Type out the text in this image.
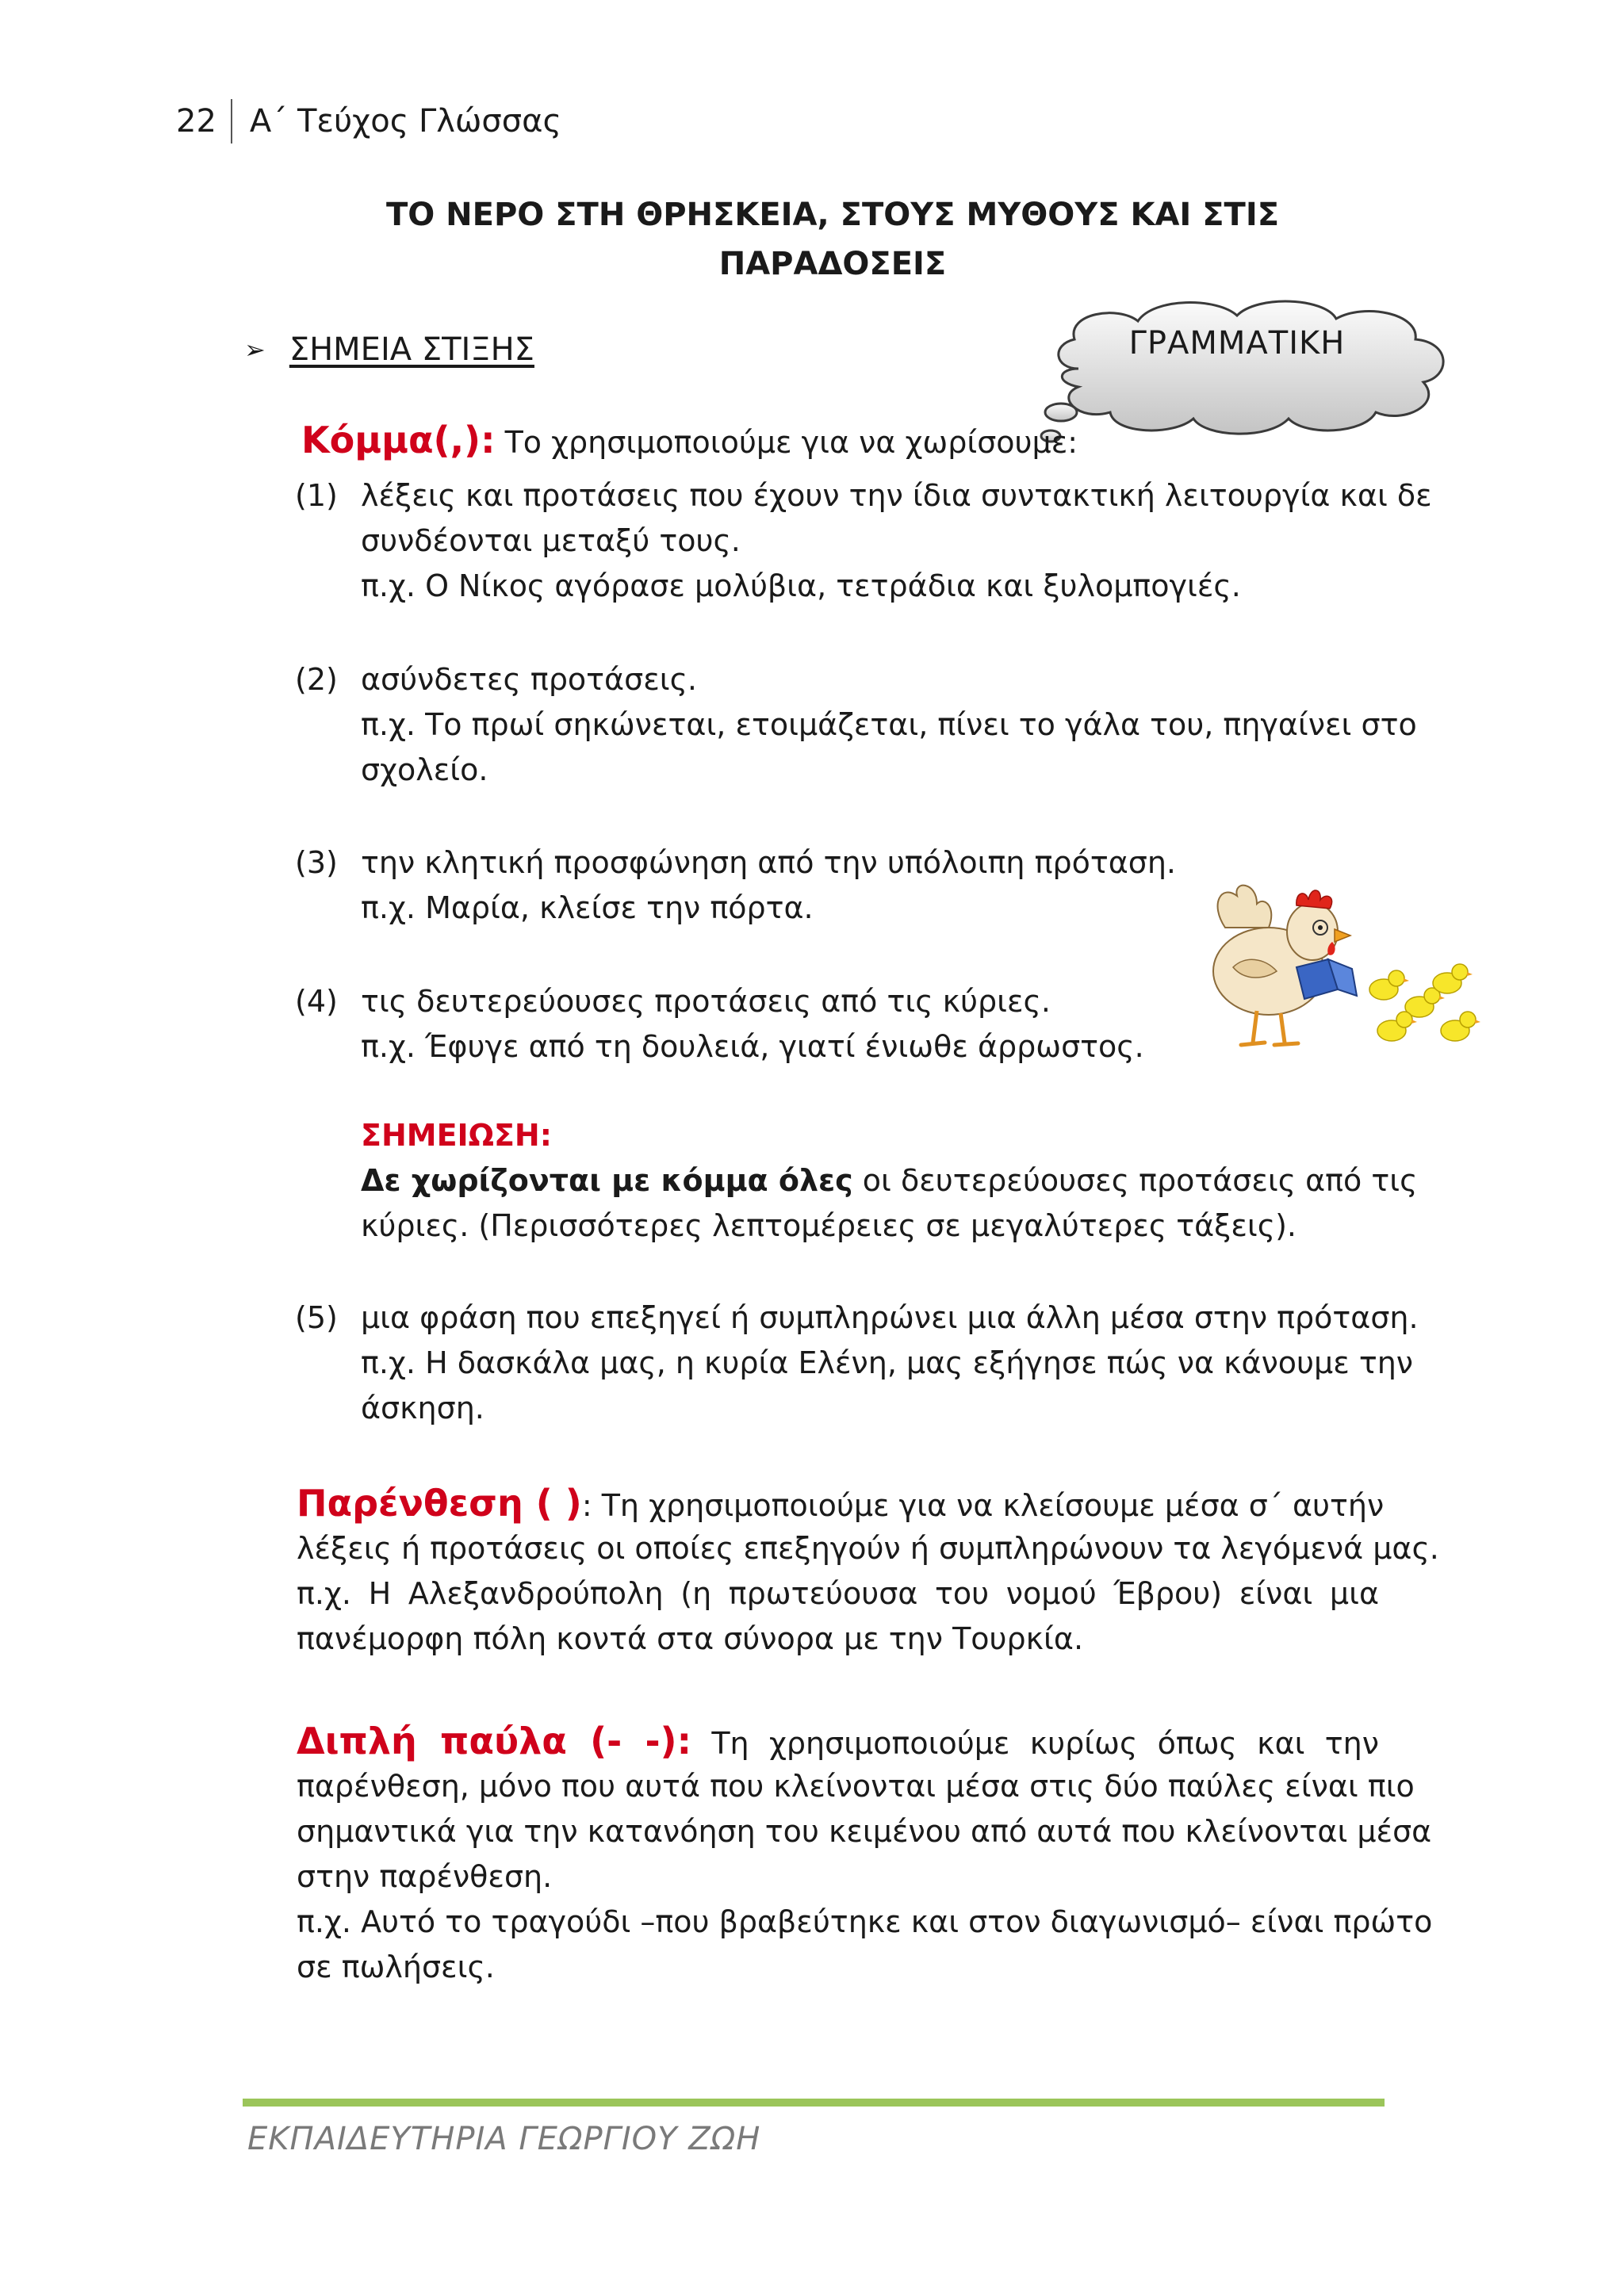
22	Α΄ Τεύχος Γλώσσας
ΤΟ ΝΕΡΟ ΣΤΗ ΘΡΗΣΚΕΙΑ, ΣΤΟΥΣ ΜΥΘΟΥΣ ΚΑΙ ΣΤΙΣ
ΠΑΡΑΔΟΣΕΙΣ
➢ ΣΗΜΕΙΑ ΣΤΙΞΗΣ	ΓΡΑΜΜΑΤΙΚΗ
Κόμμα(,): Το χρησιμοποιούμε για να χωρίσουμε:
(1) λέξεις και προτάσεις που έχουν την ίδια συντακτική λειτουργία και δε
συνδέονται μεταξύ τους.
π.χ. Ο Νίκος αγόρασε μολύβια, τετράδια και ξυλομπογιές.
(2) ασύνδετες προτάσεις.
π.χ. Το πρωί σηκώνεται, ετοιμάζεται, πίνει το γάλα του, πηγαίνει στο
σχολείο.
(3) την κλητική προσφώνηση από την υπόλοιπη πρόταση.
π.χ. Μαρία, κλείσε την πόρτα.
(4) τις δευτερεύουσες προτάσεις από τις κύριες.
π.χ. Έφυγε από τη δουλειά, γιατί ένιωθε άρρωστος.
ΣΗΜΕΙΩΣΗ:
Δε χωρίζονται με κόμμα όλες οι δευτερεύουσες προτάσεις από τις
κύριες. (Περισσότερες λεπτομέρειες σε μεγαλύτερες τάξεις).
(5) μια φράση που επεξηγεί ή συμπληρώνει μια άλλη μέσα στην πρόταση.
π.χ. Η δασκάλα μας, η κυρία Ελένη, μας εξήγησε πώς να κάνουμε την
άσκηση.
Παρένθεση ( ): Τη χρησιμοποιούμε για να κλείσουμε μέσα σ΄ αυτήν
λέξεις ή προτάσεις οι οποίες επεξηγούν ή συμπληρώνουν τα λεγόμενά μας.
π.χ. Η Αλεξανδρούπολη (η πρωτεύουσα του νομού Έβρου) είναι μια
πανέμορφη πόλη κοντά στα σύνορα με την Τουρκία.
Διπλή παύλα (- -): Τη χρησιμοποιούμε κυρίως όπως και την
παρένθεση, μόνο που αυτά που κλείνονται μέσα στις δύο παύλες είναι πιο
σημαντικά για την κατανόηση του κειμένου από αυτά που κλείνονται μέσα
στην παρένθεση.
π.χ. Αυτό το τραγούδι –που βραβεύτηκε και στον διαγωνισμό– είναι πρώτο
σε πωλήσεις.
ΕΚΠΑΙΔΕΥΤΗΡΙΑ ΓΕΩΡΓΙΟΥ ΖΩΗ
